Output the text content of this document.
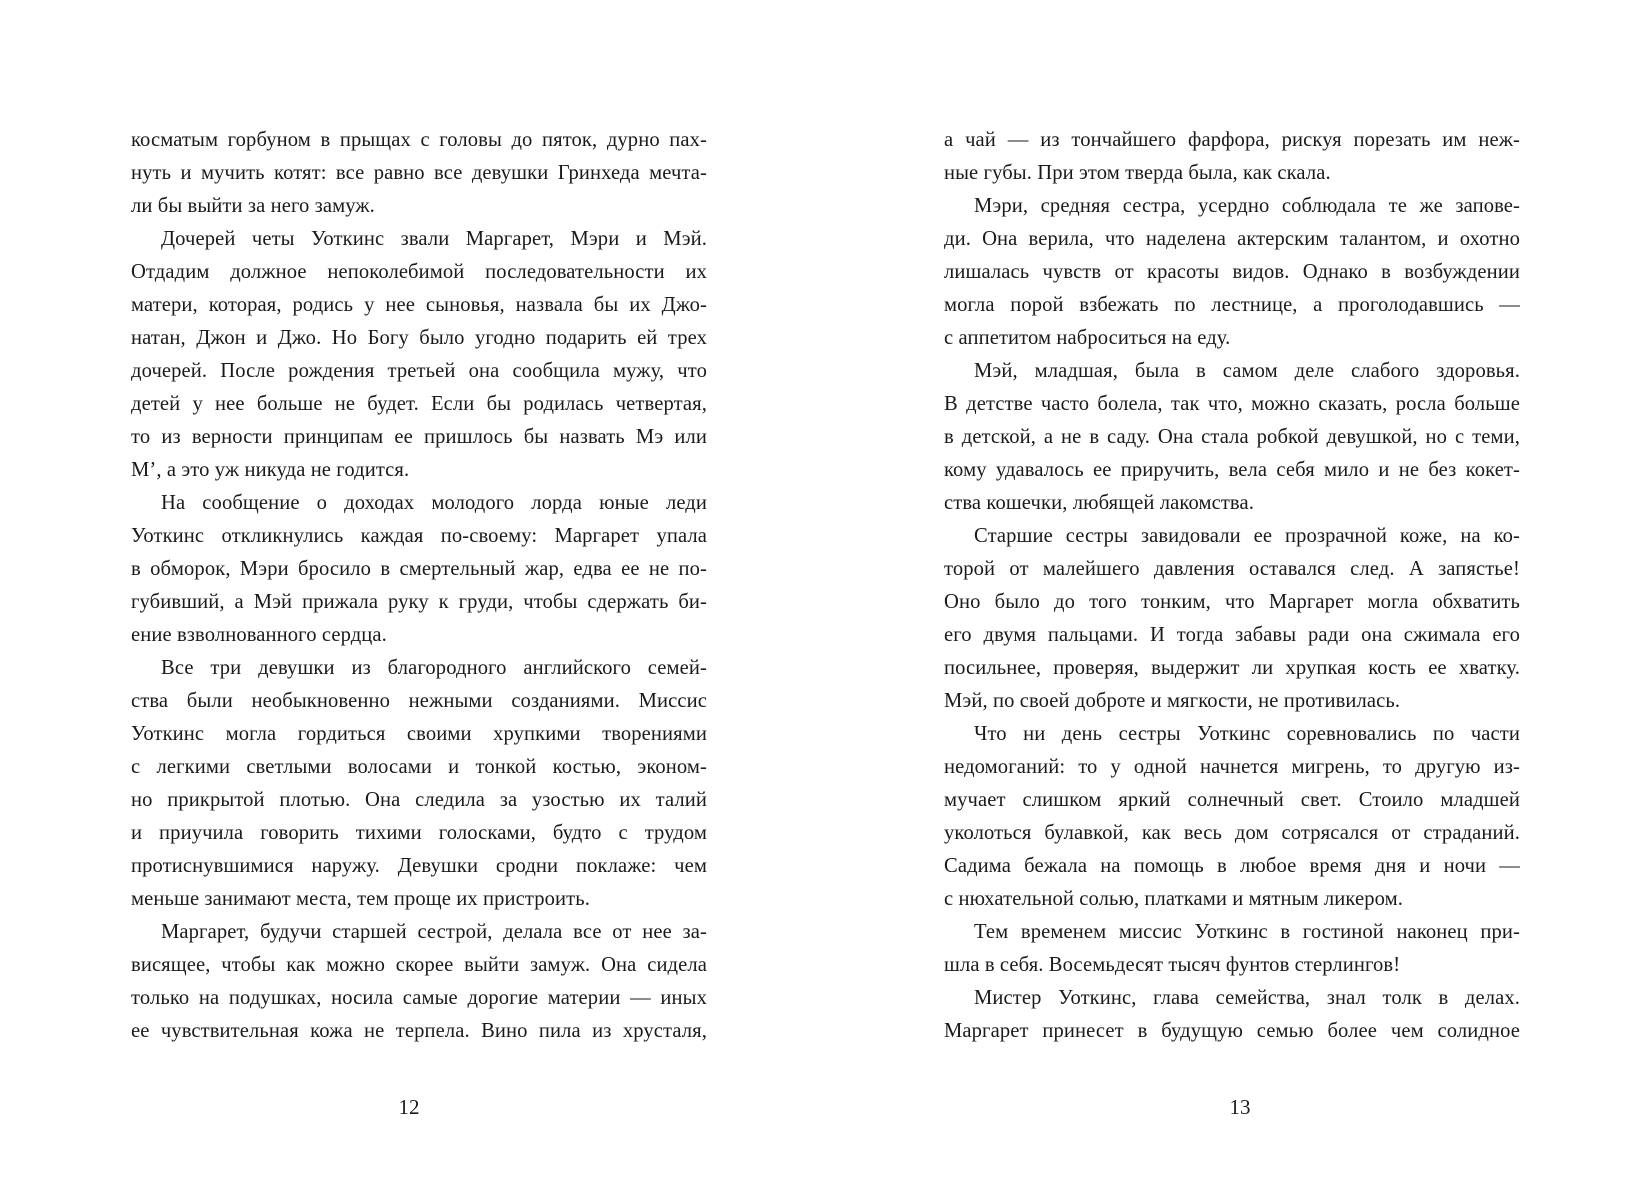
косматым горбуном в прыщах с головы до пяток, дурно пах-
нуть и мучить котят: все равно все девушки Гринхеда мечта-
ли бы выйти за него замуж.
Дочерей четы Уоткинс звали Маргарет, Мэри и Мэй.
Отдадим должное непоколебимой последовательности их
матери, которая, родись у нее сыновья, назвала бы их Джо-
натан, Джон и Джо. Но Богу было угодно подарить ей трех
дочерей. После рождения третьей она сообщила мужу, что
детей у нее больше не будет. Если бы родилась четвертая,
то из верности принципам ее пришлось бы назвать Мэ или
М’, а это уж никуда не годится.
На сообщение о доходах молодого лорда юные леди
Уоткинс откликнулись каждая по-своему: Маргарет упала
в обморок, Мэри бросило в смертельный жар, едва ее не по-
губивший, а Мэй прижала руку к груди, чтобы сдержать би-
ение взволнованного сердца.
Все три девушки из благородного английского семей-
ства были необыкновенно нежными созданиями. Миссис
Уоткинс могла гордиться своими хрупкими творениями
с легкими светлыми волосами и тонкой костью, эконом-
но прикрытой плотью. Она следила за узостью их талий
и приучила говорить тихими голосками, будто с трудом
протиснувшимися наружу. Девушки сродни поклаже: чем
меньше занимают места, тем проще их пристроить.
Маргарет, будучи старшей сестрой, делала все от нее за-
висящее, чтобы как можно скорее выйти замуж. Она сидела
только на подушках, носила самые дорогие материи — иных
ее чувствительная кожа не терпела. Вино пила из хрусталя,
12
а чай — из тончайшего фарфора, рискуя порезать им неж-
ные губы. При этом тверда была, как скала.
Мэри, средняя сестра, усердно соблюдала те же запове-
ди. Она верила, что наделена актерским талантом, и охотно
лишалась чувств от красоты видов. Однако в возбуждении
могла порой взбежать по лестнице, а проголодавшись —
с аппетитом наброситься на еду.
Мэй, младшая, была в самом деле слабого здоровья.
В детстве часто болела, так что, можно сказать, росла больше
в детской, а не в саду. Она стала робкой девушкой, но с теми,
кому удавалось ее приручить, вела себя мило и не без кокет-
ства кошечки, любящей лакомства.
Старшие сестры завидовали ее прозрачной коже, на ко-
торой от малейшего давления оставался след. А запястье!
Оно было до того тонким, что Маргарет могла обхватить
его двумя пальцами. И тогда забавы ради она сжимала его
посильнее, проверяя, выдержит ли хрупкая кость ее хватку.
Мэй, по своей доброте и мягкости, не противилась.
Что ни день сестры Уоткинс соревновались по части
недомоганий: то у одной начнется мигрень, то другую из-
мучает слишком яркий солнечный свет. Стоило младшей
уколоться булавкой, как весь дом сотрясался от страданий.
Садима бежала на помощь в любое время дня и ночи —
с нюхательной солью, платками и мятным ликером.
Тем временем миссис Уоткинс в гостиной наконец при-
шла в себя. Восемьдесят тысяч фунтов стерлингов!
Мистер Уоткинс, глава семейства, знал толк в делах.
Маргарет принесет в будущую семью более чем солидное
13
